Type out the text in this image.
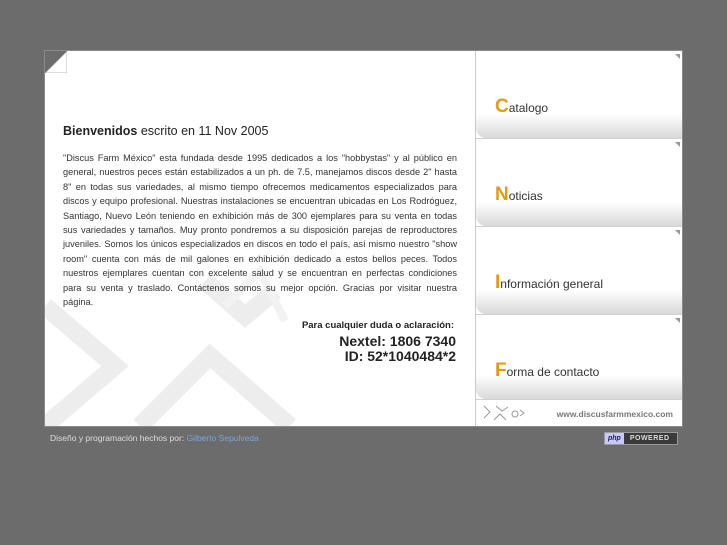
Bienvenidos escrito en 11 Nov 2005

"Discus Farm México" esta fundada desde 1995 dedicados a los "hobbystas" y al público en general, nuestros peces están estabilizados a un ph. de 7.5, manejamos discos desde 2" hasta 8" en todas sus variedades, al mismo tiempo ofrecemos medicamentos especializados para discos y equipo profesional. Nuestras instalaciones se encuentran ubicadas en Los Rodróguez, Santiago, Nuevo León teniendo en exhibición más de 300 ejemplares para su venta en todas sus variedades y tamaños. Muy pronto pondremos a su disposición parejas de reproductores juveniles. Somos los únicos especializados en discos en todo el país, así mismo nuestro "show room" cuenta con más de mil galones en exhibición dedicado a estos bellos peces. Todos nuestros ejemplares cuentan con excelente salud y se encuentran en perfectas condiciones para su venta y traslado. Contáctenos somos su mejor opción. Gracias por visitar nuestra página.

Para cualquier duda o aclaración:
Nextel: 1806 7340
ID: 52*1040484*2
Catalogo
Noticias
Información general
Forma de contacto
www.discusfarmmexico.com
Diseño y programación hechos por: Gilberto Sepulveda	php	POWERED
